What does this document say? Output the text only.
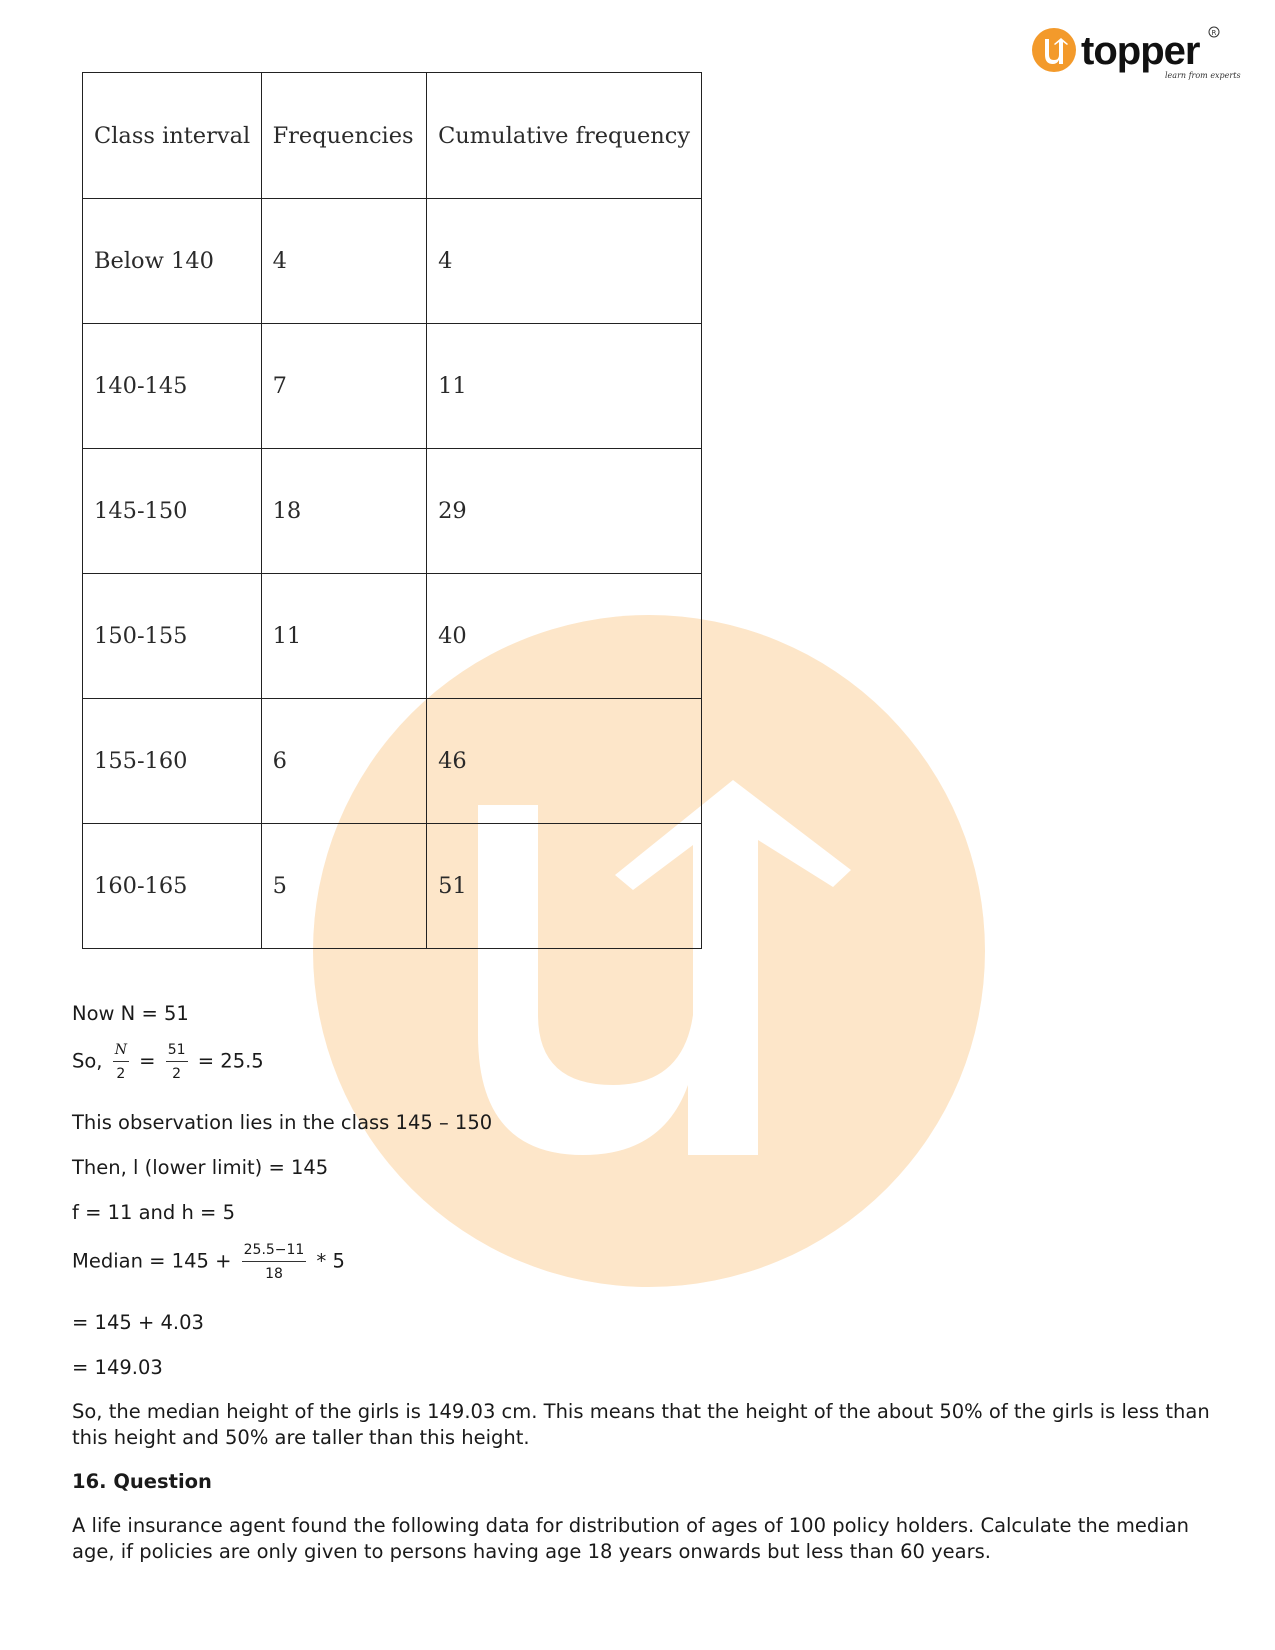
topper
learn from experts
R
Class interval	Frequencies	Cumulative frequency
Below 140	4	4
140-145	7	11
145-150	18	29
150-155	11	40
155-160	6	46
160-165	5	51
Now N = 51
So, $\frac{N}{2} = \frac{51}{2} = 25.5$
This observation lies in the class 145 – 150
Then, l (lower limit) = 145
f = 11 and h = 5
Median = $145 + \frac{25.5-11}{18} * 5$
= 145 + 4.03
= 149.03
So, the median height of the girls is 149.03 cm. This means that the height of the about 50% of the girls is less than this height and 50% are taller than this height.
16. Question
A life insurance agent found the following data for distribution of ages of 100 policy holders. Calculate the median age, if policies are only given to persons having age 18 years onwards but less than 60 years.
